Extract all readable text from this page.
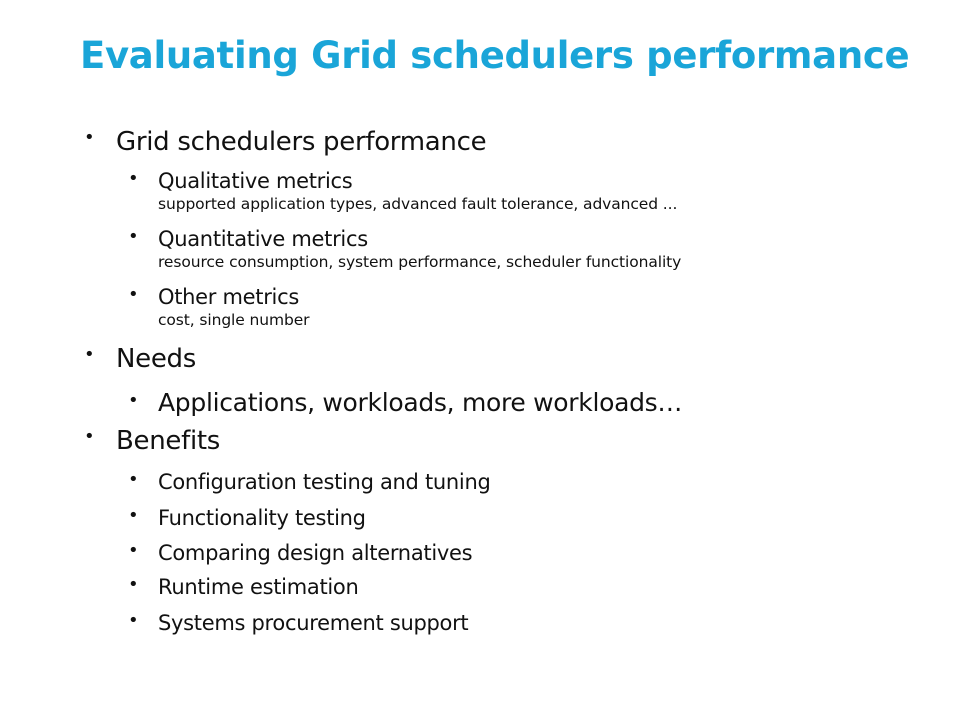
Evaluating Grid schedulers performance
• Grid schedulers performance
• Qualitative metrics
supported application types, advanced fault tolerance, advanced ...
• Quantitative metrics
resource consumption, system performance, scheduler functionality
• Other metrics
cost, single number
• Needs
• Applications, workloads, more workloads…
• Benefits
• Configuration testing and tuning
• Functionality testing
• Comparing design alternatives
• Runtime estimation
• Systems procurement support
